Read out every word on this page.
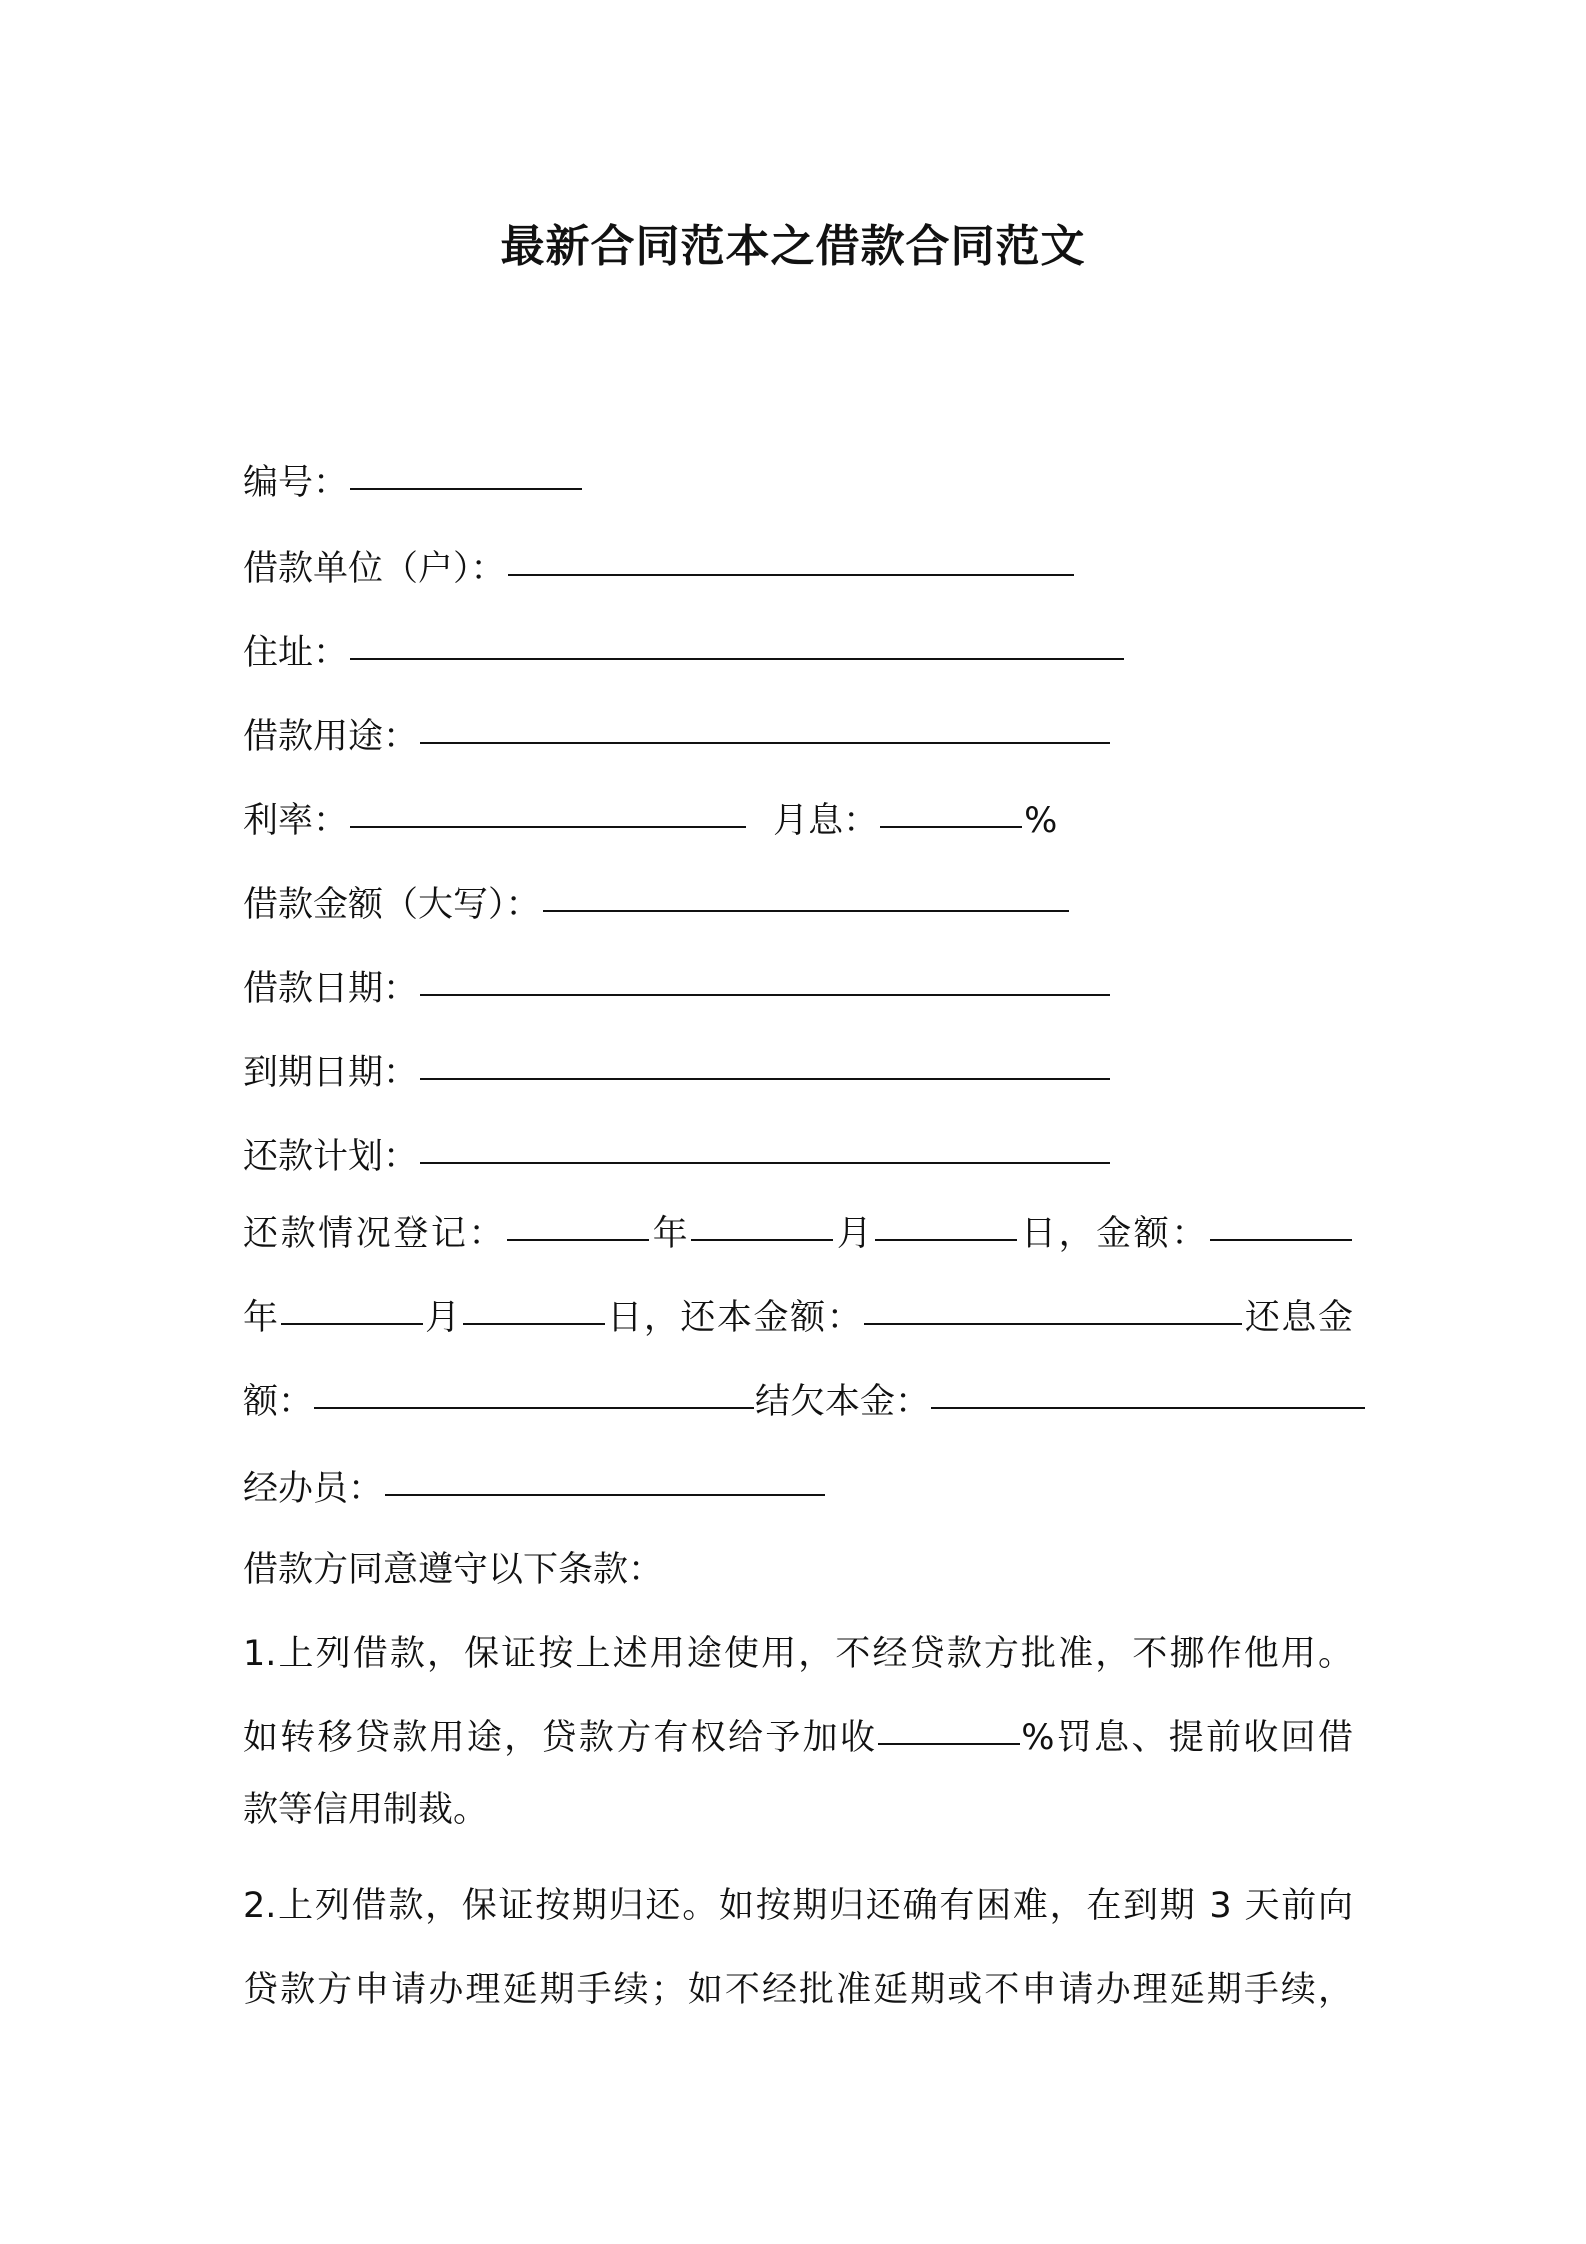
最新合同范本之借款合同范文
编号：
借款单位（户）：
住址：
借款用途：
利率：	月息：	%
借款金额（大写）：
借款日期：
到期日期：
还款计划：
还款情况登记：	年	月	日，金额：
年	月	日，还本金额：	还息金
额：	结欠本金：
经办员：
借款方同意遵守以下条款：
1.上列借款，保证按上述用途使用，不经贷款方批准，不挪作他用。
如转移贷款用途，贷款方有权给予加收	%罚息、提前收回借
款等信用制裁。
2.上列借款，保证按期归还。如按期归还确有困难，在到期 3 天前向
贷款方申请办理延期手续；如不经批准延期或不申请办理延期手续，
